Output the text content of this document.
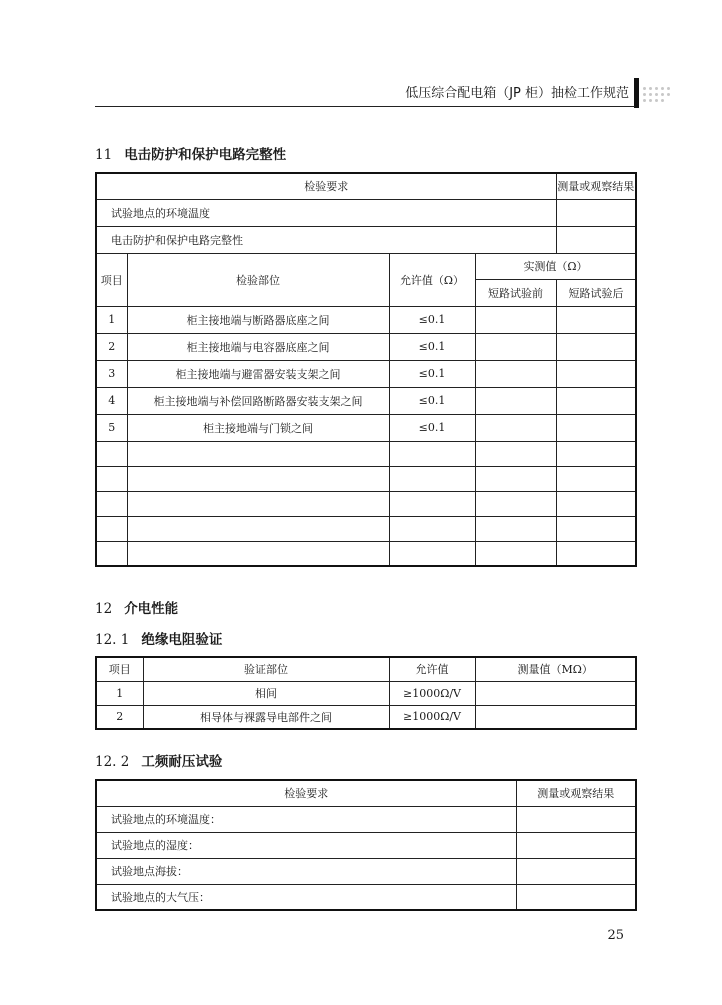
低压综合配电箱（JP 柜）抽检工作规范
11 电击防护和保护电路完整性
检验要求				测量或观察结果
试验地点的环境温度				
电击防护和保护电路完整性				
项目	检验部位	允许值（Ω）	实测值（Ω）	
			短路试验前	短路试验后
1	柜主接地端与断路器底座之间	≤0.1		
2	柜主接地端与电容器底座之间	≤0.1		
3	柜主接地端与避雷器安装支架之间	≤0.1		
4	柜主接地端与补偿回路断路器安装支架之间	≤0.1		
5	柜主接地端与门锁之间	≤0.1		

12 介电性能
12. 1 绝缘电阻验证
项目	验证部位	允许值	测量值（MΩ）
1	相间	≥1000Ω/V	
2	相导体与裸露导电部件之间	≥1000Ω/V	
12. 2 工频耐压试验
检验要求	测量或观察结果
试验地点的环境温度：	
试验地点的湿度：	
试验地点海拔：	
试验地点的大气压：	
25
